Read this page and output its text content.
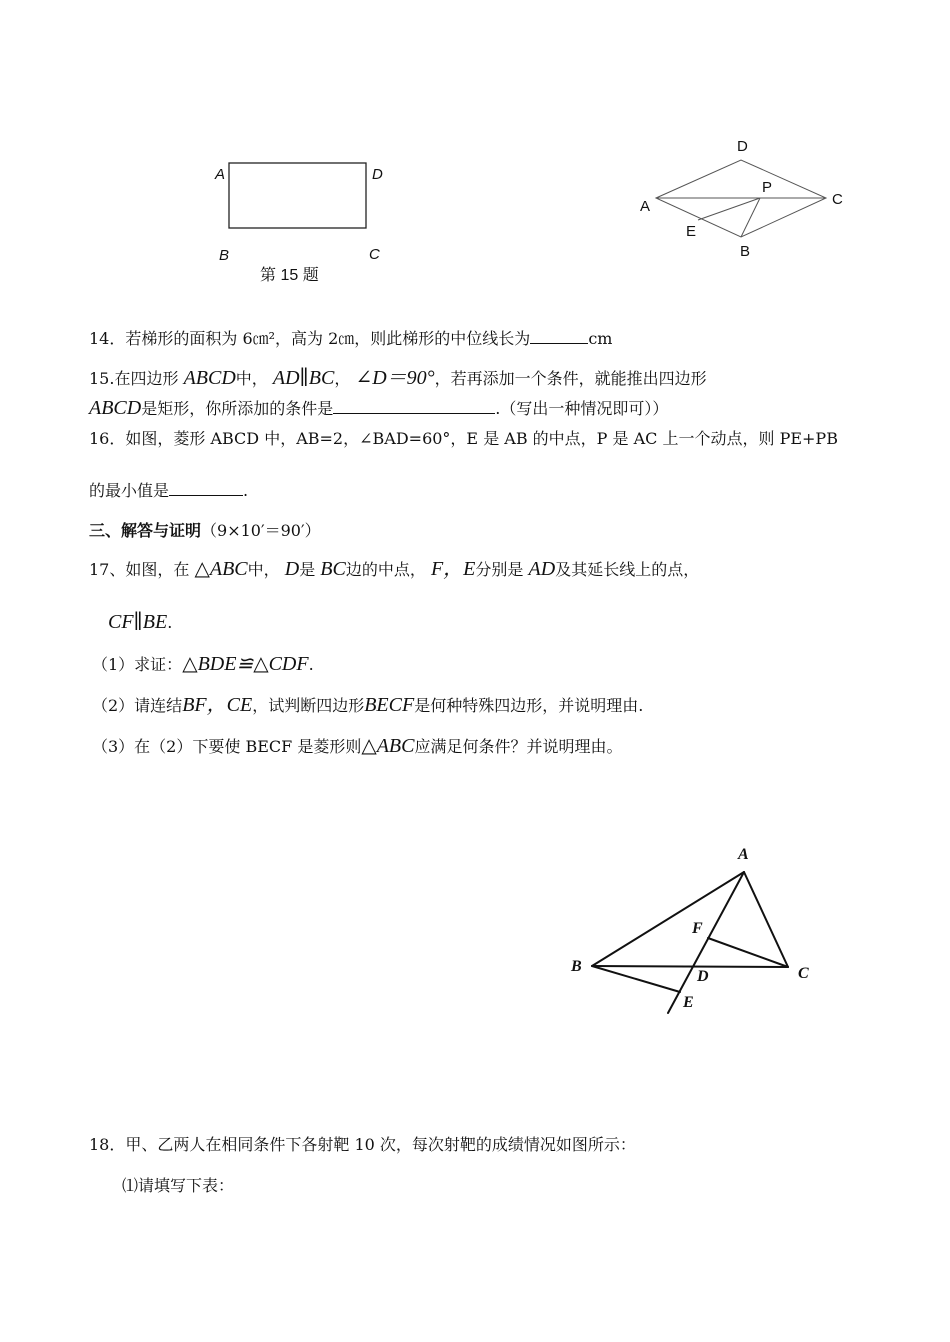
A	D
B	C
第 15 题
D
P
A	C
E
B
14．若梯形的面积为 6㎝²，高为 2㎝，则此梯形的中位线长为	cm
15.在四边形 ABCD中， AD∥BC， ∠D＝90°，若再添加一个条件，就能推出四边形
ABCD是矩形，你所添加的条件是	.（写出一种情况即可））
16．如图，菱形 ABCD 中，AB=2，∠BAD=60°，E 是 AB 的中点，P 是 AC 上一个动点，则 PE+PB
的最小值是	.
三、解答与证明（9×10′＝90′）
17、如图，在 △ABC中， D是 BC边的中点， F，E分别是 AD及其延长线上的点，
CF∥BE.
（1）求证：△BDE≌△CDF.
（2）请连结BF，CE，试判断四边形BECF是何种特殊四边形，并说明理由.
（3）在（2）下要使 BECF 是菱形则△ABC应满足何条件？并说明理由。
A
F
B
D	C
E
18．甲、乙两人在相同条件下各射靶 10 次，每次射靶的成绩情况如图所示：
⑴请填写下表：
